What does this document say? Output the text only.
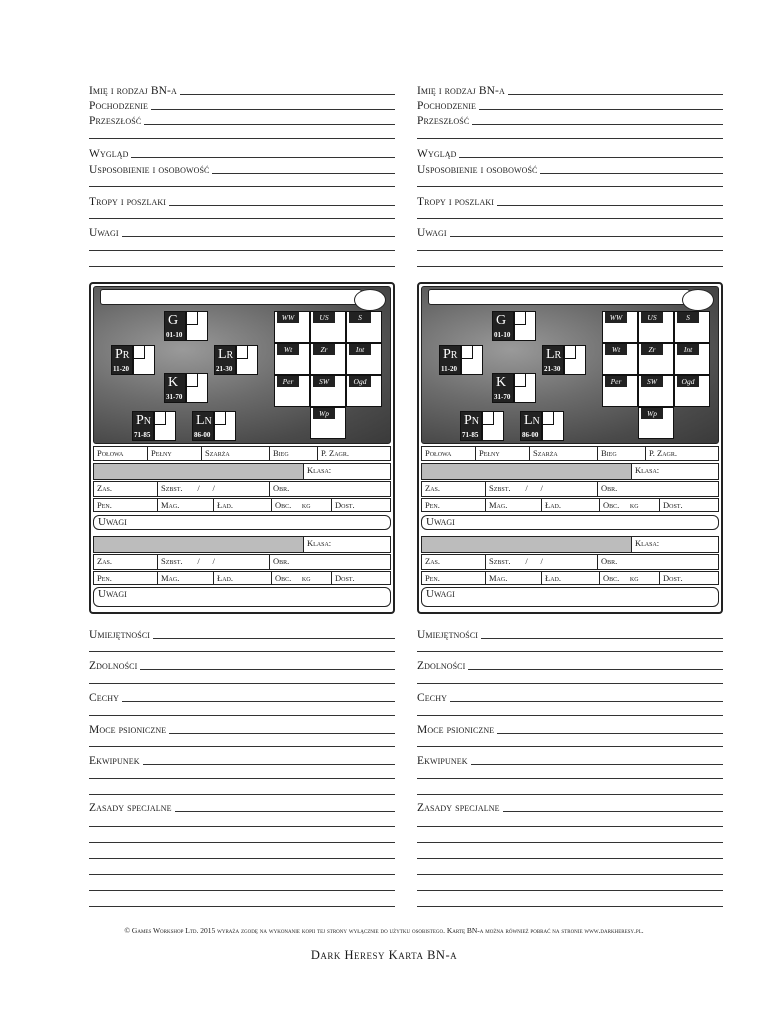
Imię i rodzaj BN-a
Pochodzenie
Przeszłość
Wygląd
Usposobienie i osobowość
Tropy i poszlaki
Uwagi
G
01-10
Pr
11-20
Lr
21-30
K
31-70
Pn
71-85
Ln
86-00
WW	US	S
Wt	Zr	Int
Per	SW	Ogd
Wp
Połowa	Pełny	Szarża	Bieg	P. Zagr.
Klasa:
Zas.	Szbst. / /	Obr.
Pen.	Mag.	Ład.	Obc. kg	Dost.
Uwagi
Klasa:
Zas.	Szbst. / /	Obr.
Pen.	Mag.	Ład.	Obc. kg	Dost.
Uwagi
Umiejętności
Zdolności
Cechy
Moce psioniczne
Ekwipunek
Zasady specjalne
Imię i rodzaj BN-a
Pochodzenie
Przeszłość
Wygląd
Usposobienie i osobowość
Tropy i poszlaki
Uwagi
G
01-10
Pr
11-20
Lr
21-30
K
31-70
Pn
71-85
Ln
86-00
WW	US	S
Wt	Zr	Int
Per	SW	Ogd
Wp
Połowa	Pełny	Szarża	Bieg	P. Zagr.
Klasa:
Zas.	Szbst. / /	Obr.
Pen.	Mag.	Ład.	Obc. kg	Dost.
Uwagi
Klasa:
Zas.	Szbst. / /	Obr.
Pen.	Mag.	Ład.	Obc. kg	Dost.
Uwagi
Umiejętności
Zdolności
Cechy
Moce psioniczne
Ekwipunek
Zasady specjalne
© Games Workshop Ltd. 2015 wyraża zgodę na wykonanie kopii tej strony wyłącznie do użytku osobistego. Kartę BN-a można również pobrać na stronie www.darkheresy.pl.
Dark Heresy Karta BN-a
